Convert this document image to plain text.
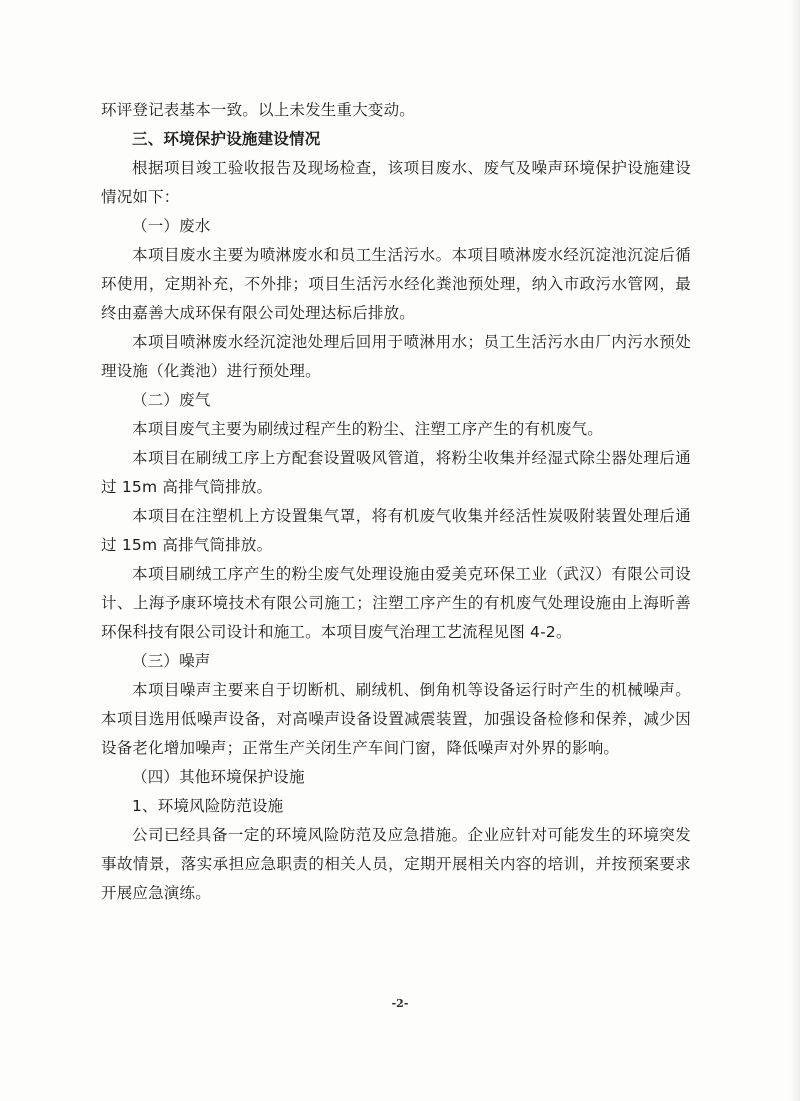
环评登记表基本一致。以上未发生重大变动。

三、环境保护设施建设情况

根据项目竣工验收报告及现场检查，该项目废水、废气及噪声环境保护设施建设情况如下：

（一）废水

本项目废水主要为喷淋废水和员工生活污水。本项目喷淋废水经沉淀池沉淀后循环使用，定期补充，不外排；项目生活污水经化粪池预处理，纳入市政污水管网，最终由嘉善大成环保有限公司处理达标后排放。

本项目喷淋废水经沉淀池处理后回用于喷淋用水；员工生活污水由厂内污水预处理设施（化粪池）进行预处理。

（二）废气

本项目废气主要为刷绒过程产生的粉尘、注塑工序产生的有机废气。

本项目在刷绒工序上方配套设置吸风管道，将粉尘收集并经湿式除尘器处理后通过 15m 高排气筒排放。

本项目在注塑机上方设置集气罩，将有机废气收集并经活性炭吸附装置处理后通过 15m 高排气筒排放。

本项目刷绒工序产生的粉尘废气处理设施由爱美克环保工业（武汉）有限公司设计、上海予康环境技术有限公司施工；注塑工序产生的有机废气处理设施由上海昕善环保科技有限公司设计和施工。本项目废气治理工艺流程见图 4-2。

（三）噪声

本项目噪声主要来自于切断机、刷绒机、倒角机等设备运行时产生的机械噪声。本项目选用低噪声设备，对高噪声设备设置减震装置，加强设备检修和保养，减少因设备老化增加噪声；正常生产关闭生产车间门窗，降低噪声对外界的影响。

（四）其他环境保护设施

1、环境风险防范设施

公司已经具备一定的环境风险防范及应急措施。企业应针对可能发生的环境突发事故情景，落实承担应急职责的相关人员，定期开展相关内容的培训，并按预案要求开展应急演练。

-2-
